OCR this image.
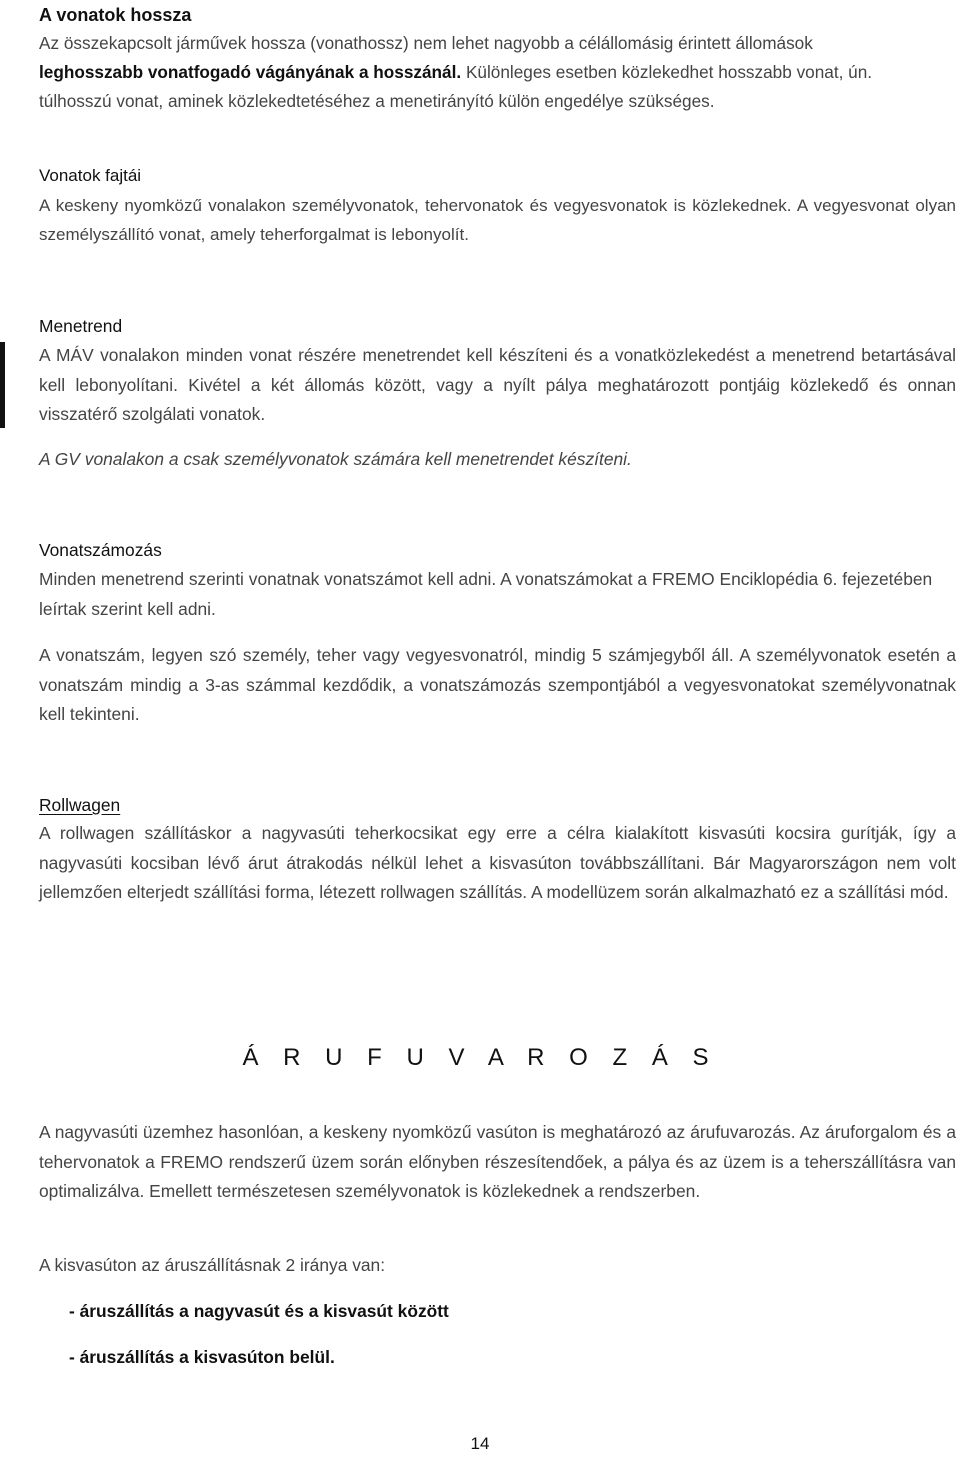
A vonatok hossza
Az összekapcsolt járművek hossza (vonathossz) nem lehet nagyobb a célállomásig érintett állomások
leghosszabb vonatfogadó vágányának a hosszánál. Különleges esetben közlekedhet hosszabb vonat, ún.
túlhosszú vonat, aminek közlekedtetéséhez a menetirányító külön engedélye szükséges.
Vonatok fajtái
A keskeny nyomközű vonalakon személyvonatok, tehervonatok és vegyesvonatok is közlekednek. A vegyesvonat olyan személyszállító vonat, amely teherforgalmat is lebonyolít.
Menetrend
A MÁV vonalakon minden vonat részére menetrendet kell készíteni és a vonatközlekedést a menetrend betartásával kell lebonyolítani. Kivétel a két állomás között, vagy a nyílt pálya meghatározott pontjáig közlekedő és onnan visszatérő szolgálati vonatok.
A GV vonalakon a csak személyvonatok számára kell menetrendet készíteni.
Vonatszámozás
Minden menetrend szerinti vonatnak vonatszámot kell adni. A vonatszámokat a FREMO Enciklopédia 6. fejezetében leírtak szerint kell adni.
A vonatszám, legyen szó személy, teher vagy vegyesvonatról, mindig 5 számjegyből áll. A személyvonatok esetén a vonatszám mindig a 3-as számmal kezdődik, a vonatszámozás szempontjából a vegyesvonatokat személyvonatnak kell tekinteni.
Rollwagen
A rollwagen szállításkor a nagyvasúti teherkocsikat egy erre a célra kialakított kisvasúti kocsira gurítják, így a nagyvasúti kocsiban lévő árut átrakodás nélkül lehet a kisvasúton továbbszállítani. Bár Magyarországon nem volt jellemzően elterjedt szállítási forma, létezett rollwagen szállítás. A modellüzem során alkalmazható ez a szállítási mód.
A nagyvasúti üzemhez hasonlóan, a keskeny nyomközű vasúton is meghatározó az árufuvarozás. Az áruforgalom és a tehervonatok a FREMO rendszerű üzem során előnyben részesítendőek, a pálya és az üzem is a teherszállításra van optimalizálva. Emellett természetesen személyvonatok is közlekednek a rendszerben.
A kisvasúton az áruszállításnak 2 iránya van:
Á R U F U V A R O Z Á S
- áruszállítás a nagyvasút és a kisvasút között
- áruszállítás a kisvasúton belül.
14
